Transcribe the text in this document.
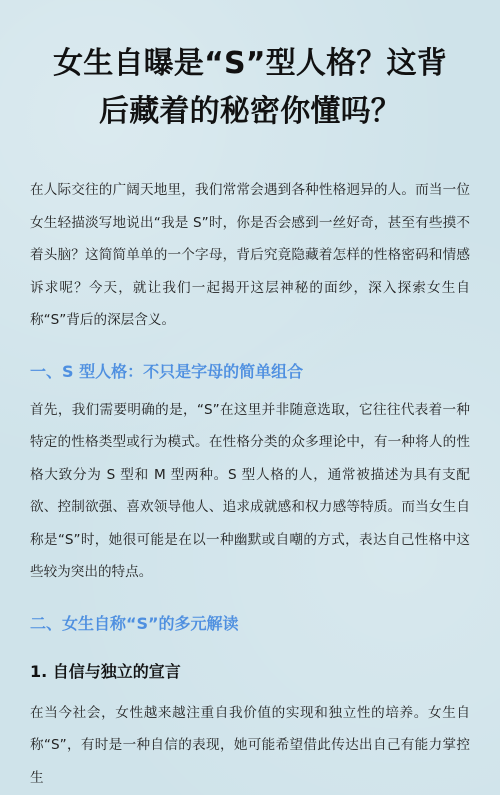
女生自曝是“S”型人格？这背
后藏着的秘密你懂吗？

在人际交往的广阔天地里，我们常常会遇到各种性格迥异的人。而当一位女生轻描淡写地说出“我是 S”时，你是否会感到一丝好奇，甚至有些摸不着头脑？这简简单单的一个字母，背后究竟隐藏着怎样的性格密码和情感诉求呢？今天，就让我们一起揭开这层神秘的面纱，深入探索女生自称“S”背后的深层含义。

一、S 型人格：不只是字母的简单组合

首先，我们需要明确的是，“S”在这里并非随意选取，它往往代表着一种特定的性格类型或行为模式。在性格分类的众多理论中，有一种将人的性格大致分为 S 型和 M 型两种。S 型人格的人，通常被描述为具有支配欲、控制欲强、喜欢领导他人、追求成就感和权力感等特质。而当女生自称是“S”时，她很可能是在以一种幽默或自嘲的方式，表达自己性格中这些较为突出的特点。

二、女生自称“S”的多元解读
1. 自信与独立的宣言

在当今社会，女性越来越注重自我价值的实现和独立性的培养。女生自称“S”，有时是一种自信的表现，她可能希望借此传达出自己有能力掌控生
